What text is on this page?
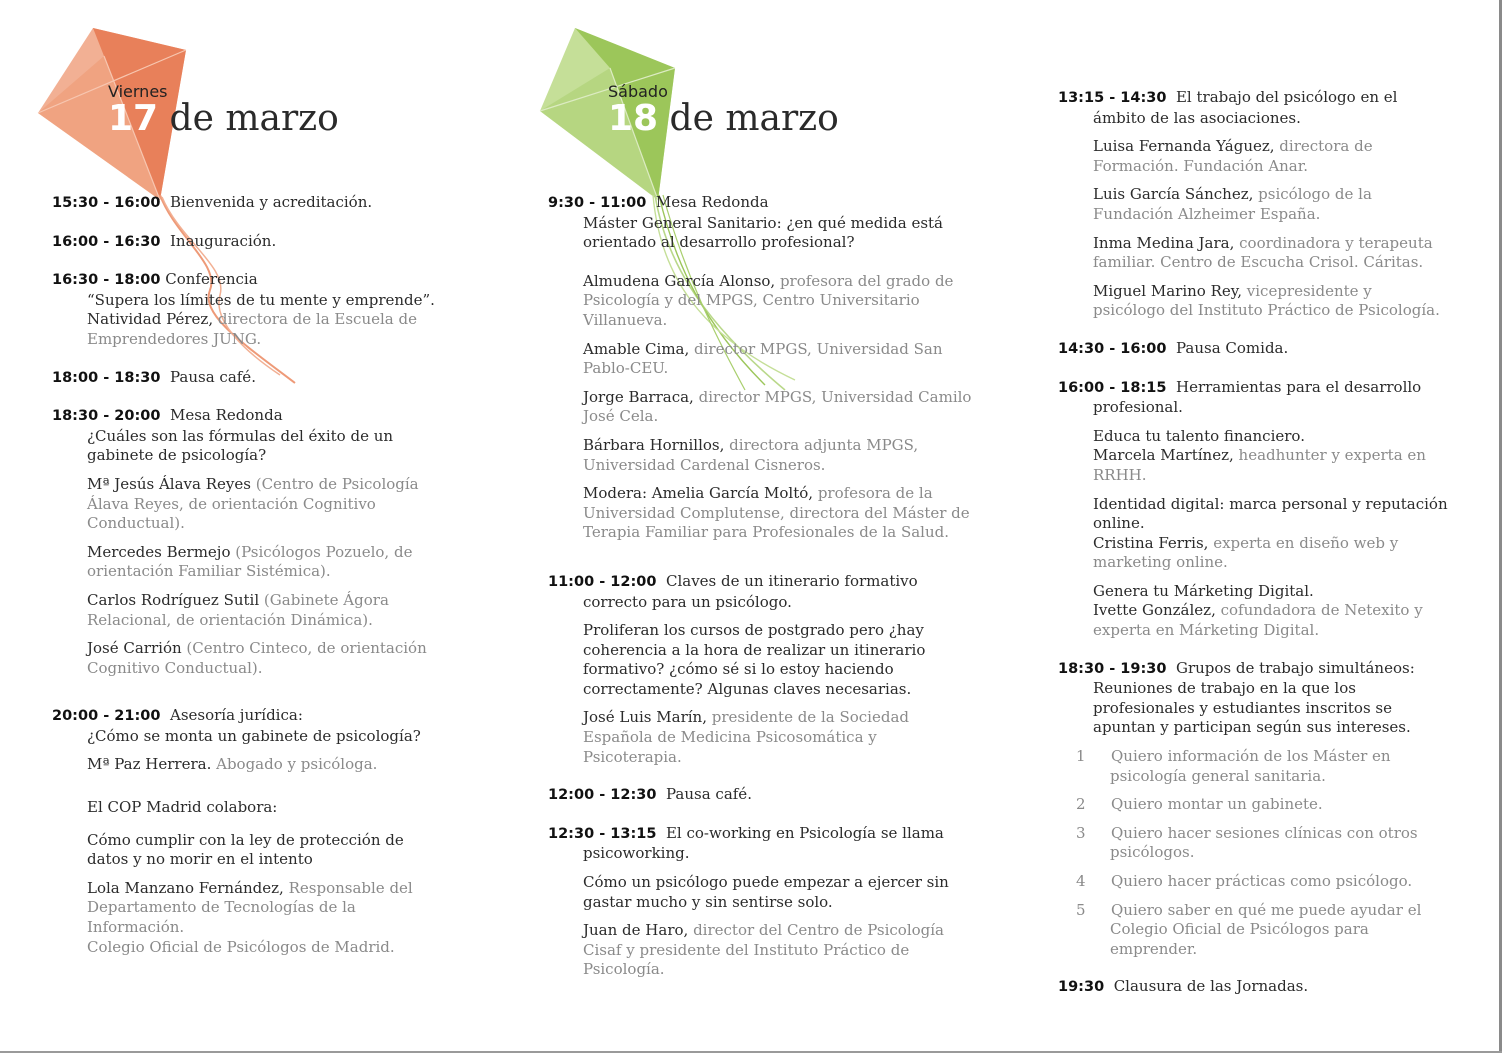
Viernes
17 de marzo
Sábado
18 de marzo

15:30 - 16:00 Bienvenida y acreditación.

16:00 - 16:30 Inauguración.

16:30 - 18:00 Conferencia

“Supera los límites de tu mente y emprende”.

Natividad Pérez, directora de la Escuela de Emprendedores JUNG.

18:00 - 18:30 Pausa café.

18:30 - 20:00 Mesa Redonda

¿Cuáles son las fórmulas del éxito de un gabinete de psicología?

Mª Jesús Álava Reyes (Centro de Psicología Álava Reyes, de orientación Cognitivo Conductual).

Mercedes Bermejo (Psicólogos Pozuelo, de orientación Familiar Sistémica).

Carlos Rodríguez Sutil (Gabinete Ágora Relacional, de orientación Dinámica).

José Carrión (Centro Cinteco, de orientación Cognitivo Conductual).

20:00 - 21:00 Asesoría jurídica:

¿Cómo se monta un gabinete de psicología?

Mª Paz Herrera. Abogado y psicóloga.

El COP Madrid colabora:

Cómo cumplir con la ley de protección de datos y no morir en el intento

Lola Manzano Fernández, Responsable del Departamento de Tecnologías de la Información.

Colegio Oficial de Psicólogos de Madrid.

9:30 - 11:00 Mesa Redonda

Máster General Sanitario: ¿en qué medida está orientado al desarrollo profesional?

Almudena García Alonso, profesora del grado de Psicología y del MPGS, Centro Universitario Villanueva.

Amable Cima, director MPGS, Universidad San Pablo-CEU.

Jorge Barraca, director MPGS, Universidad Camilo José Cela.

Bárbara Hornillos, directora adjunta MPGS, Universidad Cardenal Cisneros.

Modera: Amelia García Moltó, profesora de la Universidad Complutense, directora del Máster de Terapia Familiar para Profesionales de la Salud.

11:00 - 12:00 Claves de un itinerario formativo correcto para un psicólogo.

Proliferan los cursos de postgrado pero ¿hay coherencia a la hora de realizar un itinerario formativo? ¿cómo sé si lo estoy haciendo correctamente? Algunas claves necesarias.

José Luis Marín, presidente de la Sociedad Española de Medicina Psicosomática y Psicoterapia.

12:00 - 12:30 Pausa café.

12:30 - 13:15 El co-working en Psicología se llama psicoworking.

Cómo un psicólogo puede empezar a ejercer sin gastar mucho y sin sentirse solo.

Juan de Haro, director del Centro de Psicología Cisaf y presidente del Instituto Práctico de Psicología.

13:15 - 14:30 El trabajo del psicólogo en el ámbito de las asociaciones.

Luisa Fernanda Yáguez, directora de Formación. Fundación Anar.

Luis García Sánchez, psicólogo de la Fundación Alzheimer España.

Inma Medina Jara, coordinadora y terapeuta familiar. Centro de Escucha Crisol. Cáritas.

Miguel Marino Rey, vicepresidente y psicólogo del Instituto Práctico de Psicología.

14:30 - 16:00 Pausa Comida.

16:00 - 18:15 Herramientas para el desarrollo profesional.

Educa tu talento financiero.

Marcela Martínez, headhunter y experta en RRHH.

Identidad digital: marca personal y reputación online.

Cristina Ferris, experta en diseño web y marketing online.

Genera tu Márketing Digital.

Ivette González, cofundadora de Netexito y experta en Márketing Digital.

18:30 - 19:30 Grupos de trabajo simultáneos:

Reuniones de trabajo en la que los profesionales y estudiantes inscritos se apuntan y participan según sus intereses.

1 Quiero información de los Máster en psicología general sanitaria.

2 Quiero montar un gabinete.

3 Quiero hacer sesiones clínicas con otros psicólogos.

4 Quiero hacer prácticas como psicólogo.

5 Quiero saber en qué me puede ayudar el Colegio Oficial de Psicólogos para emprender.

19:30 Clausura de las Jornadas.
